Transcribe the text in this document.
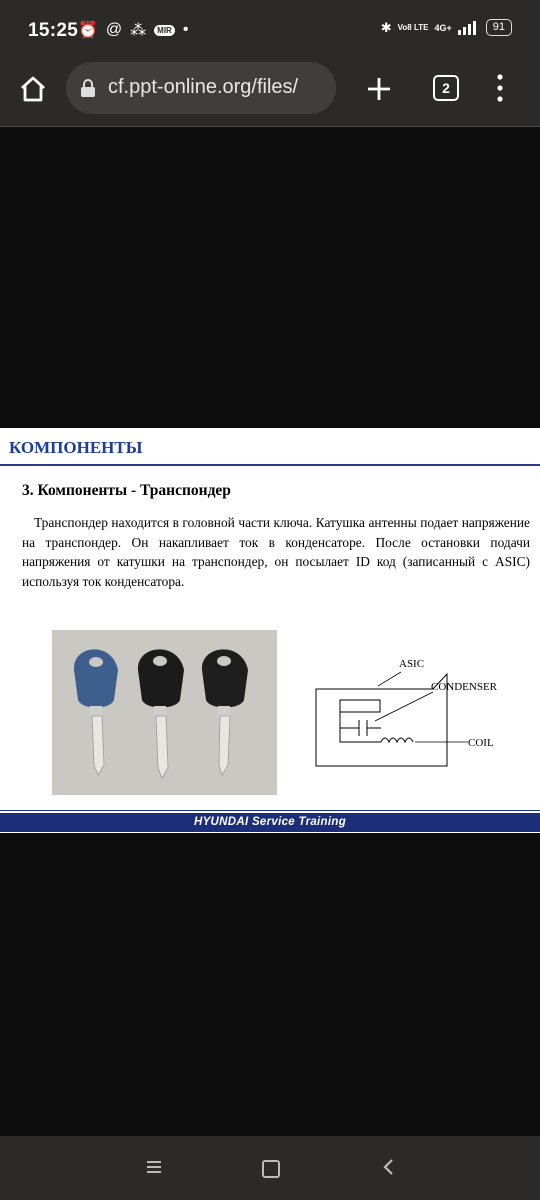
15:25 ⏰ @ ⁂	MIR •	✱ Vo8 LTE 4G+	91
cf.ppt-online.org/files/	2
КОМПОНЕНТЫ
3. Компоненты - Транспондер
Транспондер находится в головной части ключа. Катушка антенны подает напряжение на транспондер. Он накапливает ток в конденсаторе. После остановки подачи напряжения от катушки на транспондер, он посылает ID код (записанный с ASIC) используя ток конденсатора.
ASIC
CONDENSER
COIL
HYUNDAI Service Training
